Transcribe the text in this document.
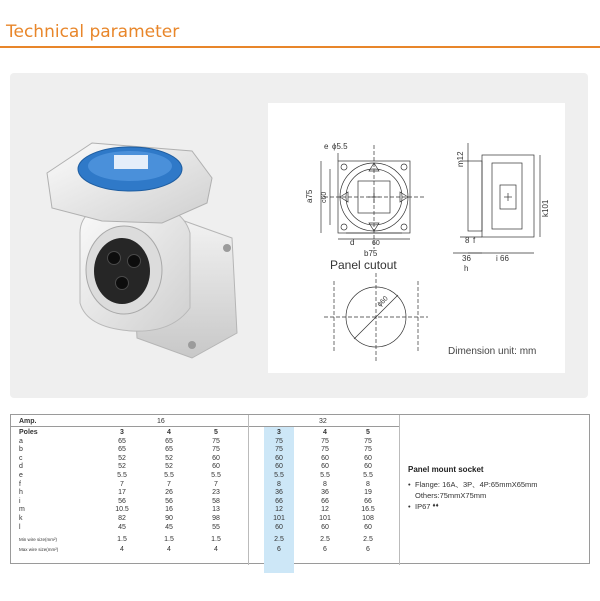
Technical parameter
e ϕ5.5
a75 c60
d	60
b75
m12
k101
8 f
36	i 66
h
ϕ60
Panel cutout
Dimension unit: mm
Amp.	16	32
Poles	3	4	5	3	4	5
a	65	65	75	75	75	75
b	65	65	75	75	75	75
c	52	52	60	60	60	60
d	52	52	60	60	60	60
e	5.5	5.5	5.5	5.5	5.5	5.5
f	7	7	7	8	8	8
h	17	26	23	36	36	19
i	56	56	58	66	66	66
m	10.5	16	13	12	12	16.5
k	82	90	98	101	101	108
l	45	45	55	60	60	60
Min wire size(mm²)	1.5	1.5	1.5	2.5	2.5	2.5
Max wire size(mm²)	4	4	4	6	6	6
Panel mount socket
• Flange: 16A、3P、4P:65mmX65mm
Others:75mmX75mm
• IP67
♦♦
